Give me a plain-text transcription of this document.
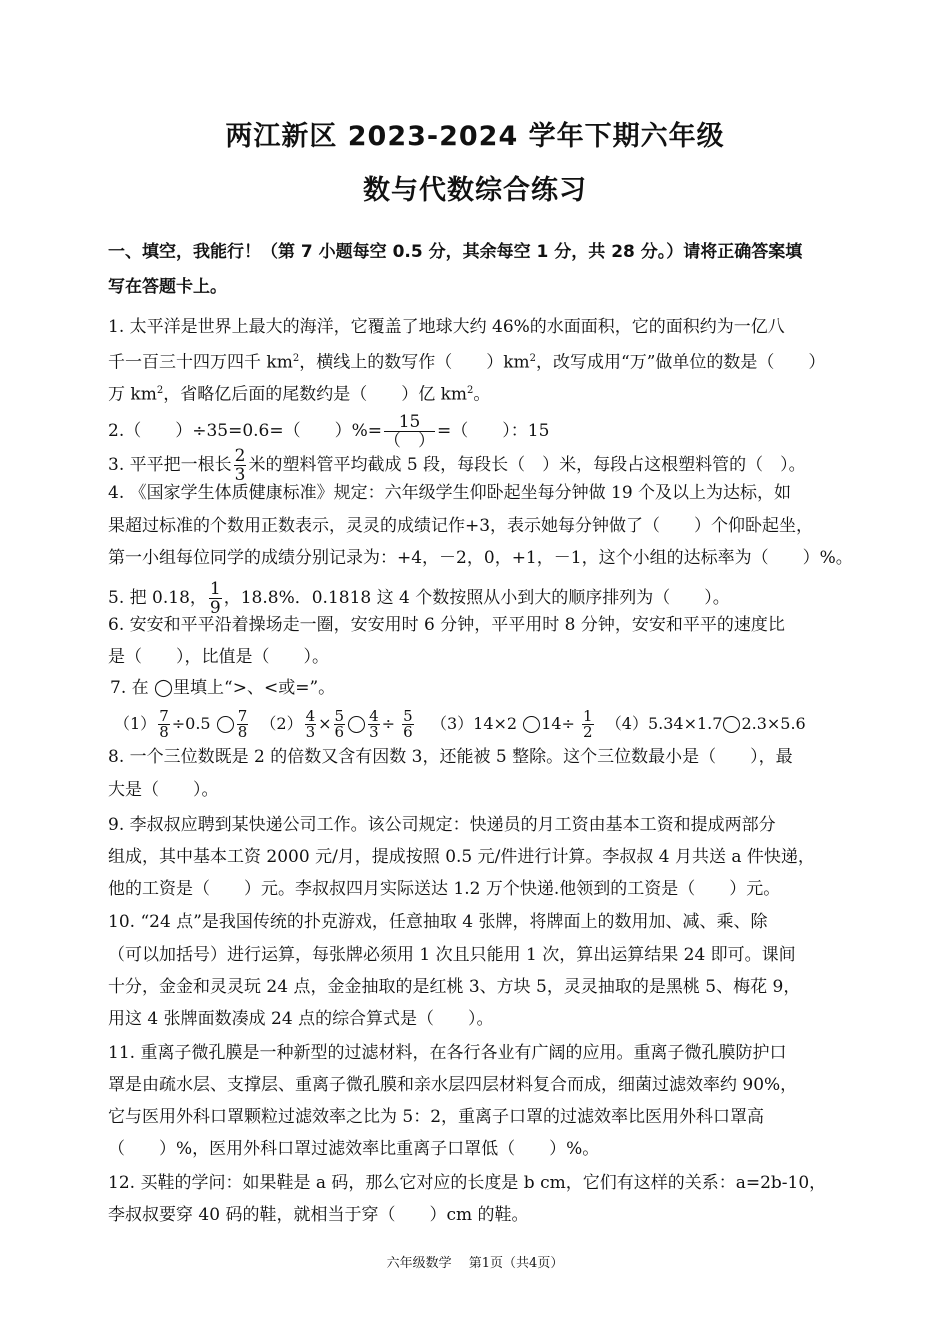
两江新区 2023-2024 学年下期六年级
数与代数综合练习
一、填空，我能行！（第 7 小题每空 0.5 分，其余每空 1 分，共 28 分。）请将正确答案填
写在答题卡上。
1. 太平洋是世界上最大的海洋，它覆盖了地球大约 46%的水面面积，它的面积约为一亿八
千一百三十四万四千 $km^2$，横线上的数写作（　　）$km^2$，改写成用“万”做单位的数是（　　）
万 $km^2$，省略亿后面的尾数约是（　　）亿 $km^2$。
2.（　　）÷35=0.6=（　　）%= $\frac{15}{( )}$ =（　　）：15
3. 平平把一根长 $\frac{2}{3}$ 米的塑料管平均截成 5 段，每段长（　）米，每段占这根塑料管的（　）。
4. 《国家学生体质健康标准》规定：六年级学生仰卧起坐每分钟做 19 个及以上为达标，如
果超过标准的个数用正数表示，灵灵的成绩记作+3，表示她每分钟做了（　　）个仰卧起坐，
第一小组每位同学的成绩分别记录为：+4，－2，0，+1，－1，这个小组的达标率为（　　）%。
5. 把 0.18， $\frac{1}{9}$ ，18.8%．0.1818 这 4 个数按照从小到大的顺序排列为（　　）。
6. 安安和平平沿着操场走一圈，安安用时 6 分钟，平平用时 8 分钟，安安和平平的速度比
是（　　），比值是（　　）。
7. 在 ◯里填上“>、<或=”。
$(1) \frac{7}{8} \div 0.5 \frac{7}{8} (2) \frac{4}{3} \times \frac{5}{6} \frac{4}{3} \div \frac{5}{6} (3)14\times 2$ $14\div \frac{1}{2} (4)5.34\times 1.7$ 2.3×5.6
8. 一个三位数既是 2 的倍数又含有因数 3，还能被 5 整除。这个三位数最小是（　　），最
大是（　　）。
9. 李叔叔应聘到某快递公司工作。该公司规定：快递员的月工资由基本工资和提成两部分
组成，其中基本工资 2000 元/月，提成按照 0.5 元/件进行计算。李叔叔 4 月共送 a 件快递，
他的工资是（　　）元。李叔叔四月实际送达 1.2 万个快递.他领到的工资是（　　）元。
10. “24 点”是我国传统的扑克游戏，任意抽取 4 张牌，将牌面上的数用加、减、乘、除
（可以加括号）进行运算，每张牌必须用 1 次且只能用 1 次，算出运算结果 24 即可。课间
十分，金金和灵灵玩 24 点，金金抽取的是红桃 3、方块 5，灵灵抽取的是黑桃 5、梅花 9，
用这 4 张牌面数凑成 24 点的综合算式是（　　）。
11. 重离子微孔膜是一种新型的过滤材料，在各行各业有广阔的应用。重离子微孔膜防护口
罩是由疏水层、支撑层、重离子微孔膜和亲水层四层材料复合而成，细菌过滤效率约 90%，
它与医用外科口罩颗粒过滤效率之比为 5：2，重离子口罩的过滤效率比医用外科口罩高
（　　）%，医用外科口罩过滤效率比重离子口罩低（　　）%。
12. 买鞋的学问：如果鞋是 a 码，那么它对应的长度是 b cm，它们有这样的关系：a=2b-10，
李叔叔要穿 40 码的鞋，就相当于穿（　　）cm 的鞋。
六年级数学　 第1页（共4页）
